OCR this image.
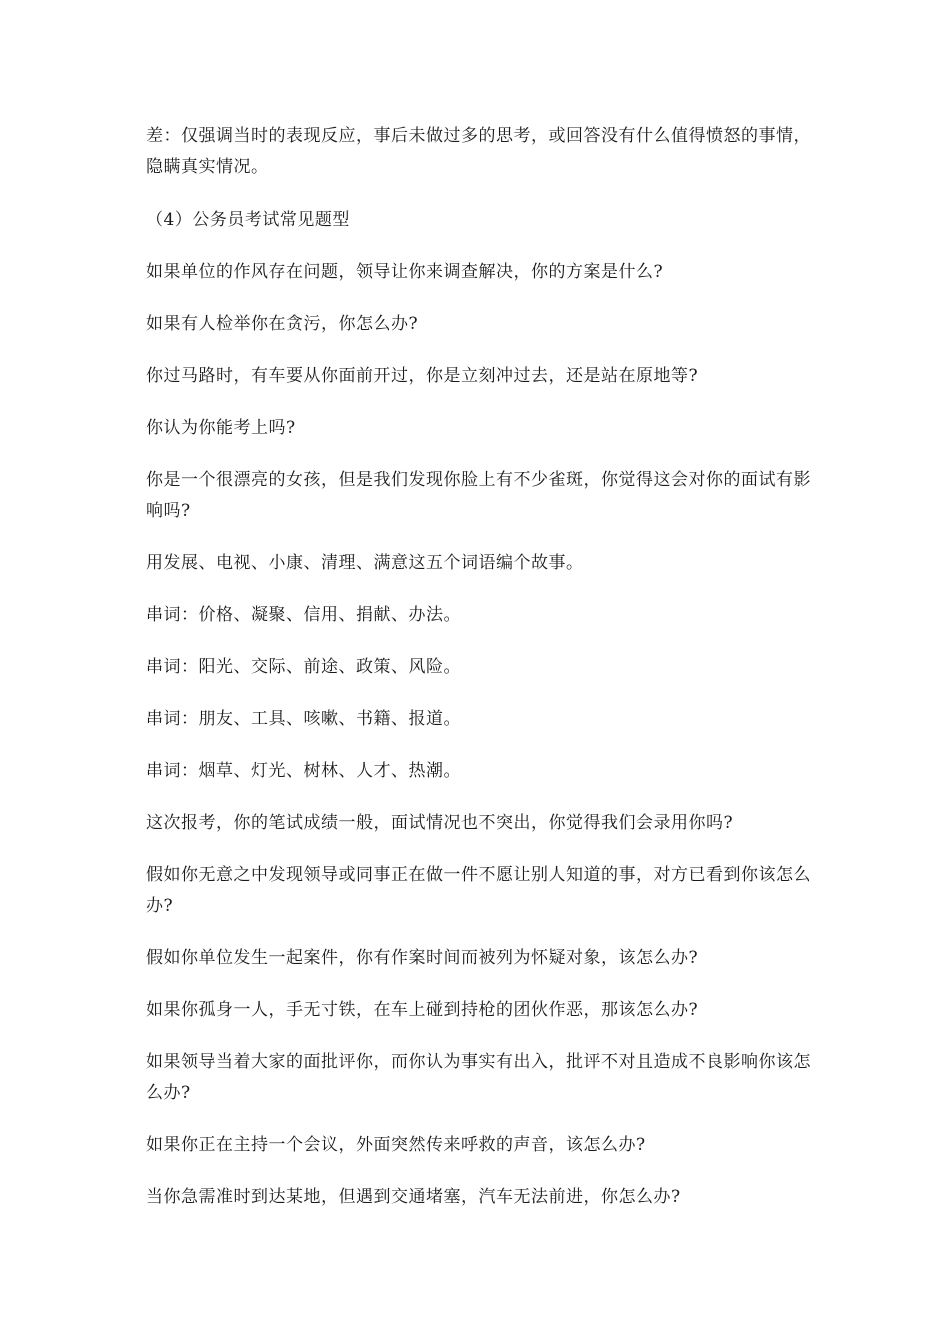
差：仅强调当时的表现反应，事后未做过多的思考，或回答没有什么值得愤怒的事情，隐瞒真实情况。

（4）公务员考试常见题型

如果单位的作风存在问题，领导让你来调查解决，你的方案是什么?

如果有人检举你在贪污，你怎么办?

你过马路时，有车要从你面前开过，你是立刻冲过去，还是站在原地等?

你认为你能考上吗?

你是一个很漂亮的女孩，但是我们发现你脸上有不少雀斑，你觉得这会对你的面试有影响吗?

用发展、电视、小康、清理、满意这五个词语编个故事。

串词：价格、凝聚、信用、捐献、办法。

串词：阳光、交际、前途、政策、风险。

串词：朋友、工具、咳嗽、书籍、报道。

串词：烟草、灯光、树林、人才、热潮。

这次报考，你的笔试成绩一般，面试情况也不突出，你觉得我们会录用你吗?

假如你无意之中发现领导或同事正在做一件不愿让别人知道的事，对方已看到你该怎么办?

假如你单位发生一起案件，你有作案时间而被列为怀疑对象，该怎么办?

如果你孤身一人，手无寸铁，在车上碰到持枪的团伙作恶，那该怎么办?

如果领导当着大家的面批评你，而你认为事实有出入，批评不对且造成不良影响你该怎么办?

如果你正在主持一个会议，外面突然传来呼救的声音，该怎么办?

当你急需准时到达某地，但遇到交通堵塞，汽车无法前进，你怎么办?
